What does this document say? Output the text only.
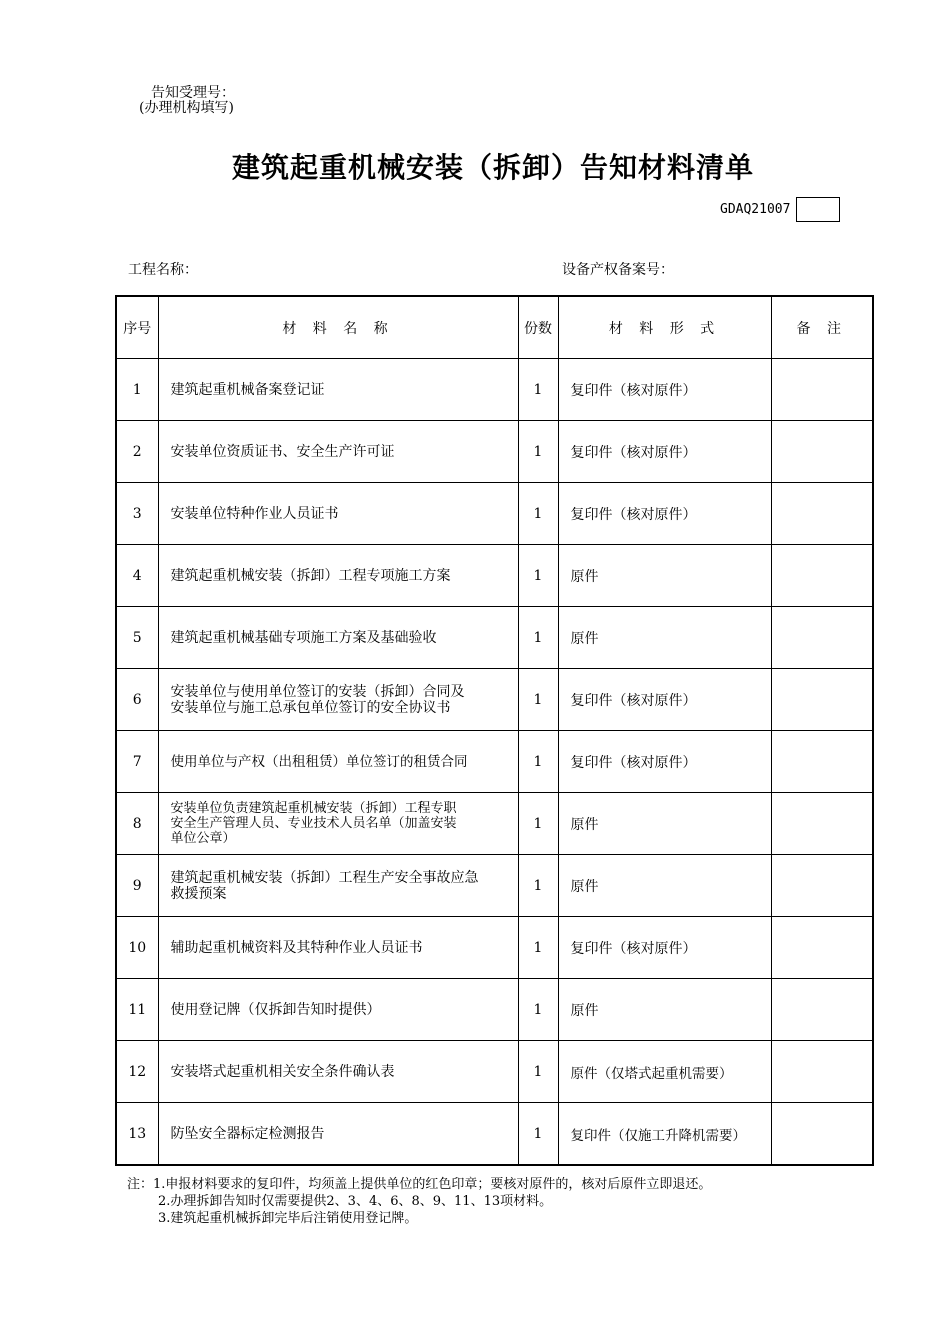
告知受理号：
(办理机构填写)
建筑起重机械安装（拆卸）告知材料清单
GDAQ21007
工程名称：	设备产权备案号：
序号	材 料 名 称	份数	材 料 形 式	备 注
1	建筑起重机械备案登记证	1	复印件（核对原件）	
2	安装单位资质证书、安全生产许可证	1	复印件（核对原件）	
3	安装单位特种作业人员证书	1	复印件（核对原件）	
4	建筑起重机械安装（拆卸）工程专项施工方案	1	原件	
5	建筑起重机械基础专项施工方案及基础验收	1	原件	
6	安装单位与使用单位签订的安装（拆卸）合同及
安装单位与施工总承包单位签订的安全协议书	1	复印件（核对原件）	
7	使用单位与产权（出租租赁）单位签订的租赁合同	1	复印件（核对原件）	
8	安装单位负责建筑起重机械安装（拆卸）工程专职
安全生产管理人员、专业技术人员名单（加盖安装
单位公章）	1	原件	
9	建筑起重机械安装（拆卸）工程生产安全事故应急
救援预案	1	原件	
10	辅助起重机械资料及其特种作业人员证书	1	复印件（核对原件）	
11	使用登记牌（仅拆卸告知时提供）	1	原件	
12	安装塔式起重机相关安全条件确认表	1	原件（仅塔式起重机需要）	
13	防坠安全器标定检测报告	1	复印件（仅施工升降机需要）	
注：1.申报材料要求的复印件，均须盖上提供单位的红色印章；要核对原件的，核对后原件立即退还。
2.办理拆卸告知时仅需要提供2、3、4、6、8、9、11、13项材料。
3.建筑起重机械拆卸完毕后注销使用登记牌。
